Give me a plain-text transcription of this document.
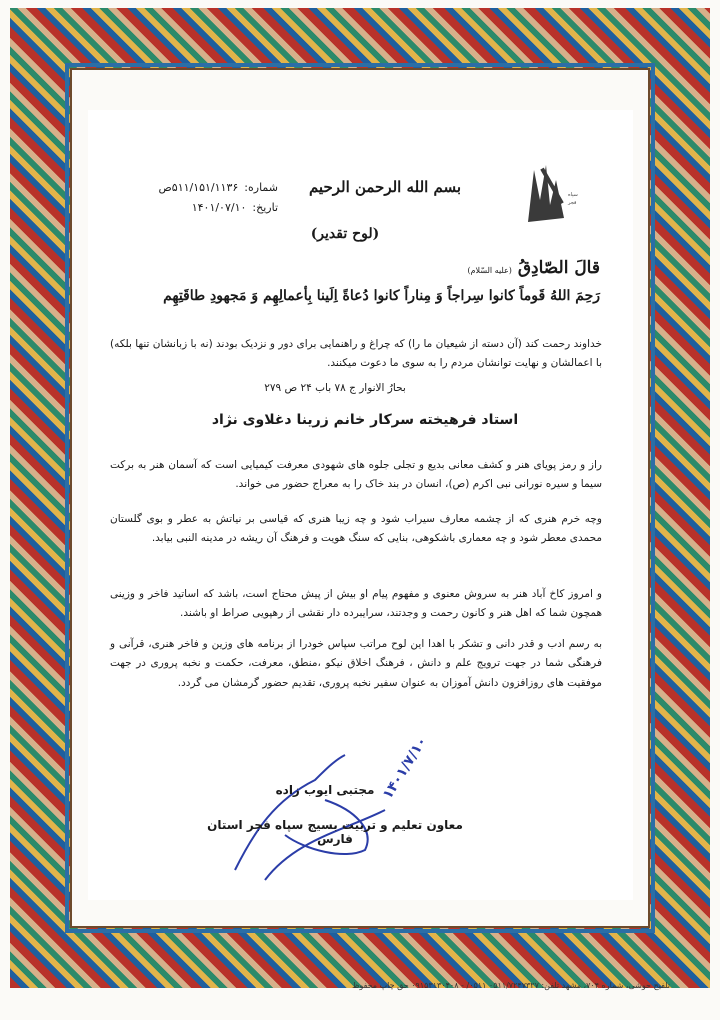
سپاه
فجر
بسم الله الرحمن الرحیم
(لوح تقدیر)
شماره:
۵۱۱/۱۵۱/۱۱۳۶ص
تاریخ:
۱۴۰۱/۰۷/۱۰
قالَ الصّادِقُ (علیه السّلام)
رَحِمَ اللهُ قَوماً کانوا سِراجاً وَ مِناراً کانوا دُعاةً اِلَینا بِأعمالِهِم وَ مَجهودِ طاقَتِهِم
خداوند رحمت کند (آن دسته از شیعیان ما را) که چراغ و راهنمایی برای دور و نزدیک بودند (نه با زبانشان تنها بلکه) با اعمالشان و نهایت توانشان مردم را به سوی ما دعوت میکنند.
بحارُ الانوار ج ۷۸ باب ۲۴ ص ۲۷۹
استاد فرهیخته سرکار خانم زرینا دغلاوی نژاد
راز و رمز پویای هنر و کشف معانی بدیع و تجلی جلوه های شهودی معرفت کیمیایی است که آسمان هنر به برکت سیما و سیره نورانی نبی اکرم (ص)، انسان در بند خاک را به معراج حضور می خواند.
وچه خرم هنری که از چشمه معارف سیراب شود و چه زیبا هنری که قیاسی بر نیاتش به عطر و بوی گلستان محمدی معطر شود و چه معماری باشکوهی، بنایی که سنگ هویت و فرهنگ آن ریشه در مدینه النبی بیابد.
و امروز کاخ آباد هنر به سروش معنوی و مفهوم پیام او بیش از پیش محتاج است، باشد که اساتید فاخر و وزینی همچون شما که اهل هنر و کانون رحمت و وجدتند، سرایبرده دار نقشی از رهپویی صراط او باشند.
به رسم ادب و قدر دانی و تشکر با اهدا این لوح مراتب سپاس خودرا از برنامه های وزین و فاخر هنری، قرآنی و فرهنگی شما در جهت ترویج علم و دانش ، فرهنگ اخلاق نیکو ،منطق، معرفت، حکمت و نخبه پروری در جهت موفقیت های روزافزون دانش آموزان به عنوان سفیر نخبه پروری، تقدیم حضور گرمشان می گردد.
۱۴۰۱/۷/۱۰
مجتبی ایوب زاده
معاون تعلیم و تربیت بسیج سپاه فجر استان فارس
تلفیح حوشی، شماره ۷۰۴، مشهد تلفن: ۰۵۱۱/۷۲۴۷۳۲۷ ۰۵۱۱/ - ۰۹۱۵۳۱۳۰۴۰۸ حق چاپ محفوظ
